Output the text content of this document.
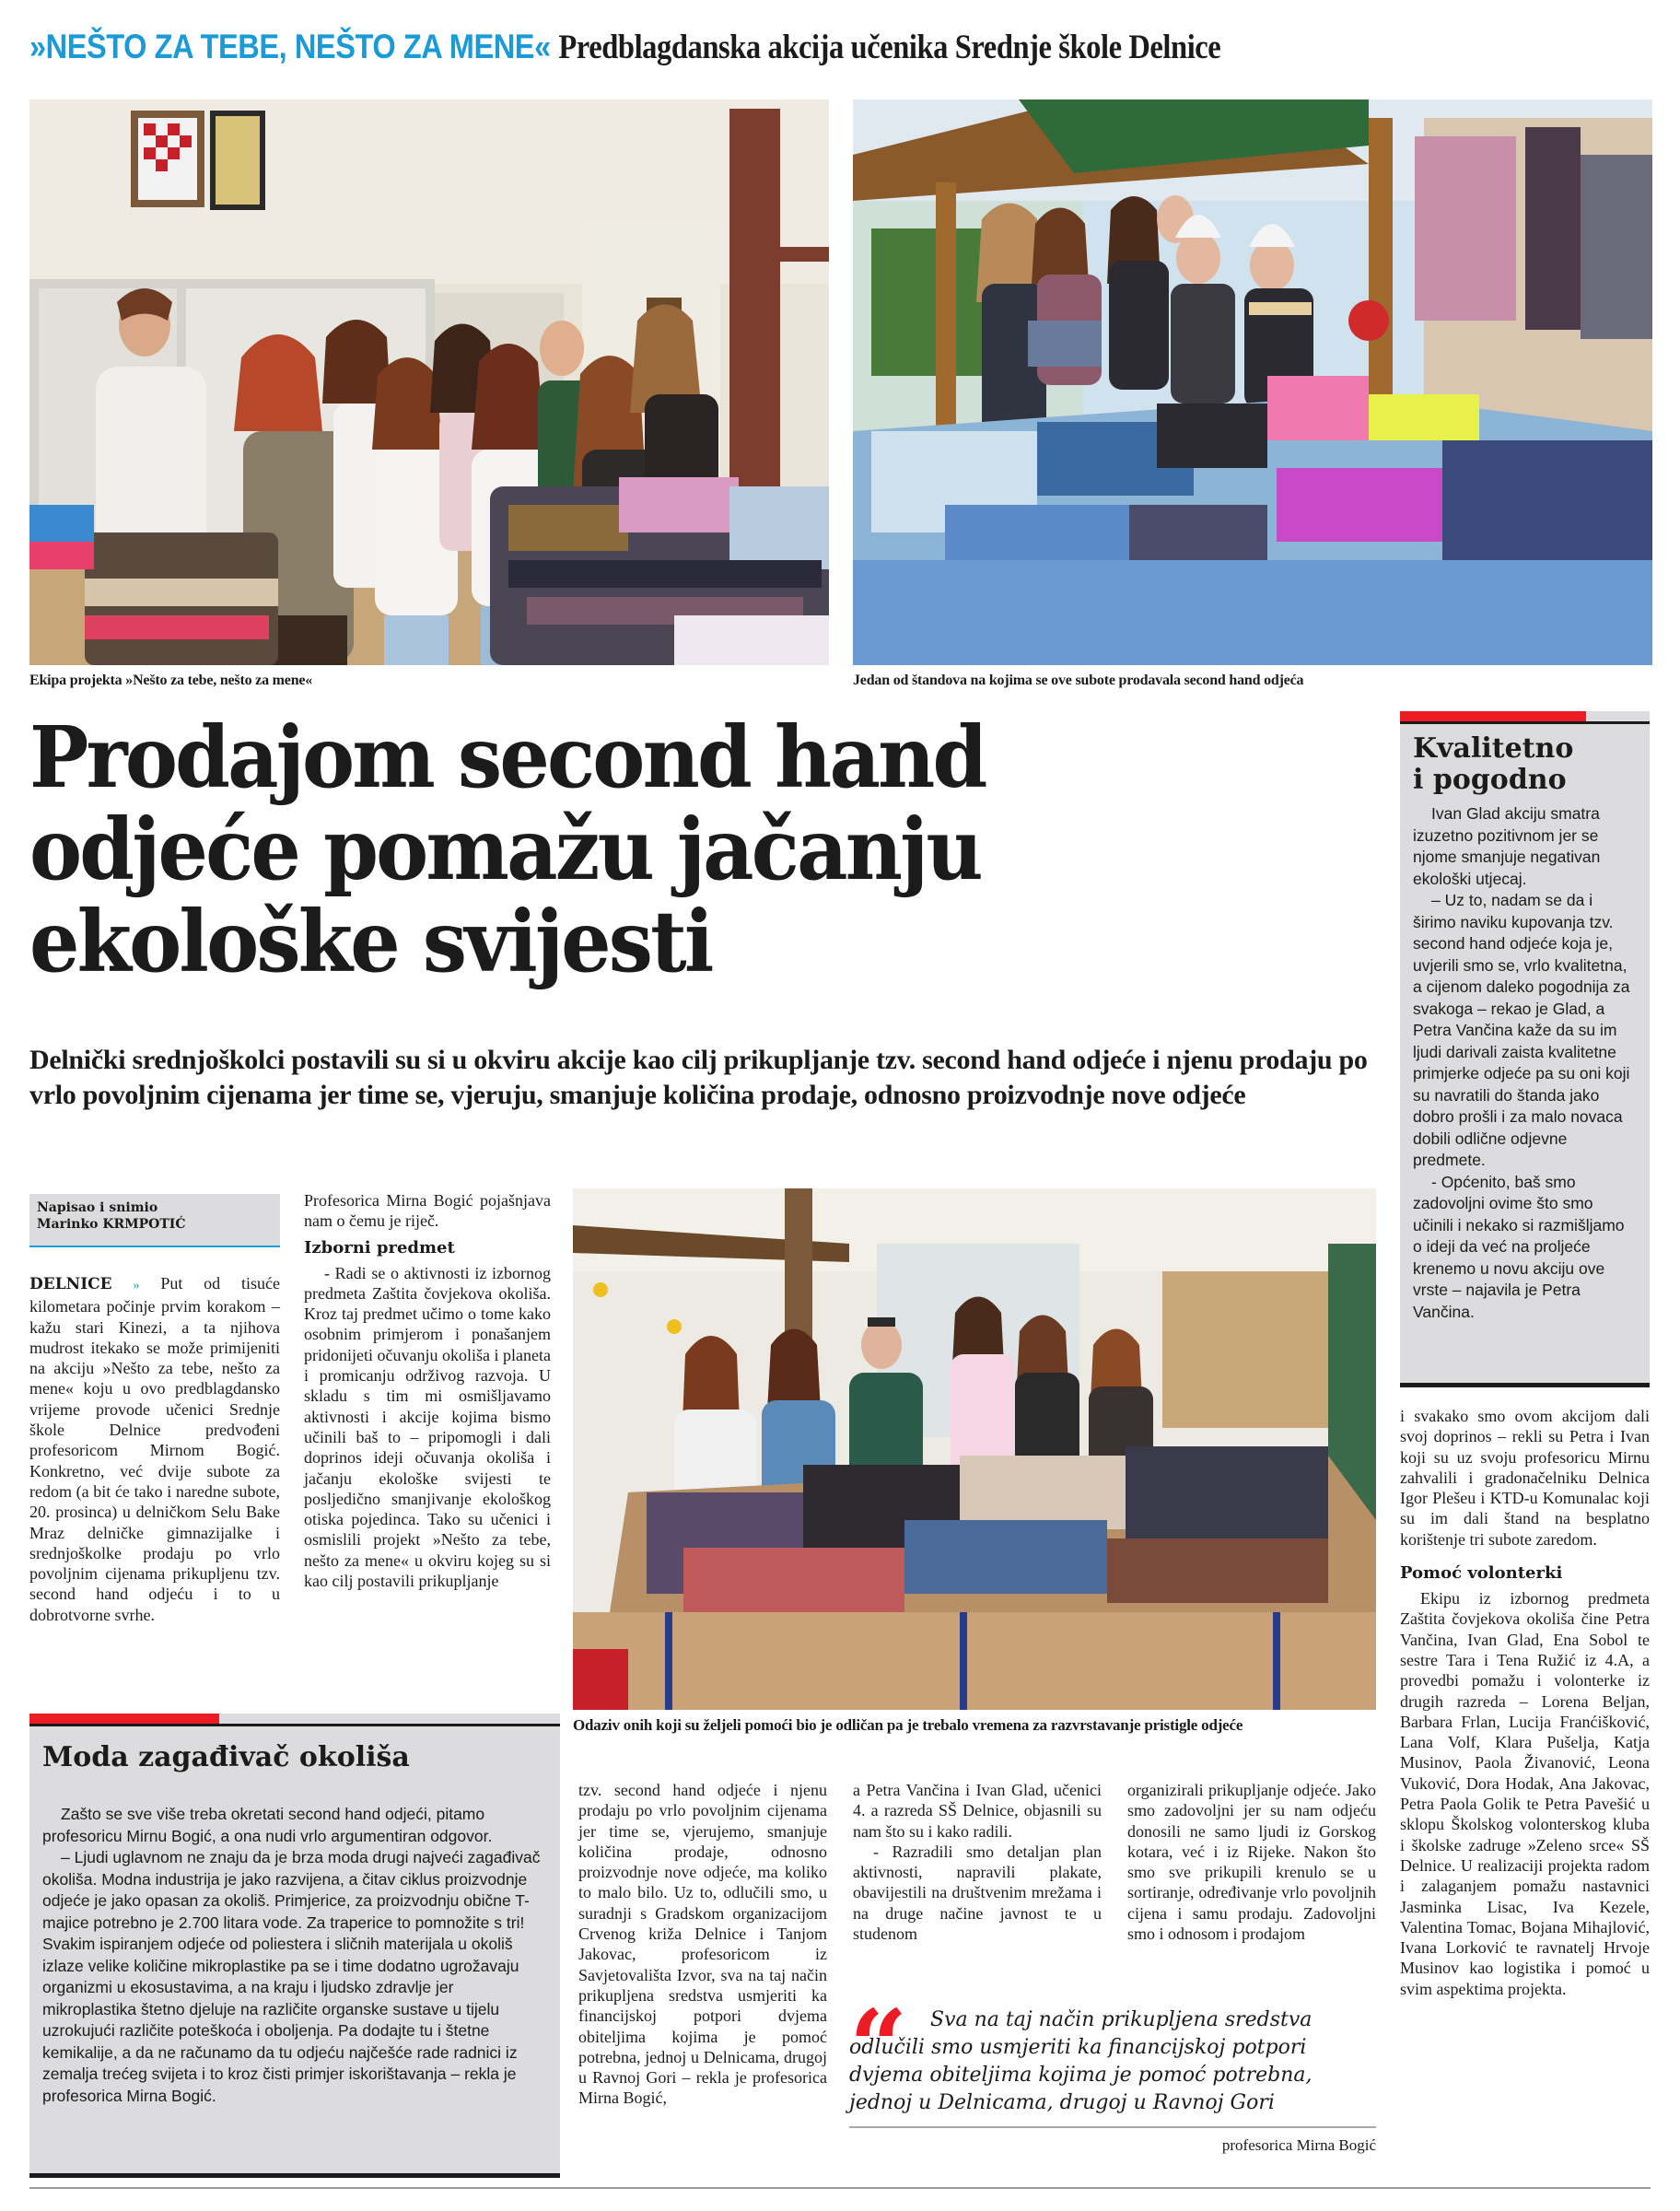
»NEŠTO ZA TEBE, NEŠTO ZA MENE« Predblagdanska akcija učenika Srednje škole Delnice
Ekipa projekta »Nešto za tebe, nešto za mene«	Jedan od štandova na kojima se ove subote prodavala second hand odjeća
Prodajom second hand
odjeće pomažu jačanju
ekološke svijesti

Delnički srednjoškolci postavili su si u okviru akcije kao cilj prikupljanje tzv. second hand odjeće i njenu prodaju po vrlo povoljnim cijenama jer time se, vjeruju, smanjuje količina prodaje, odnosno proizvodnje nove odjeće

Kvalitetno
i pogodno

Ivan Glad akciju smatra izuzetno pozitivnom jer se njome smanjuje negativan ekološki utjecaj.

– Uz to, nadam se da i širimo naviku kupovanja tzv. second hand odjeće koja je, uvjerili smo se, vrlo kvalitetna, a cijenom daleko pogodnija za svakoga – rekao je Glad, a Petra Vančina kaže da su im ljudi darivali zaista kvalitetne primjerke odjeće pa su oni koji su navratili do štanda jako dobro prošli i za malo novaca dobili odlične odjevne predmete.

- Općenito, baš smo zadovoljni ovime što smo učinili i nekako si razmišljamo o ideji da već na proljeće krenemo u novu akciju ove vrste – najavila je Petra Vančina.

Napisao i snimio
Marinko KRMPOTIĆ

DELNICE » Put od tisuće kilometara počinje prvim korakom – kažu stari Kinezi, a ta njihova mudrost itekako se može primijeniti na akciju »Nešto za tebe, nešto za mene« koju u ovo predblagdansko vrijeme provode učenici Srednje škole Delnice predvođeni profesoricom Mirnom Bogić. Konkretno, već dvije subote za redom (a bit će tako i naredne subote, 20. prosinca) u delničkom Selu Bake Mraz delničke gimnazijalke i srednjoškolke prodaju po vrlo povoljnim cijenama prikupljenu tzv. second hand odjeću i to u dobrotvorne svrhe.

Profesorica Mirna Bogić pojašnjava nam o čemu je riječ.

Izborni predmet

- Radi se o aktivnosti iz izbornog predmeta Zaštita čovjekova okoliša. Kroz taj predmet učimo o tome kako osobnim primjerom i ponašanjem pridonijeti očuvanju okoliša i planeta i promicanju održivog razvoja. U skladu s tim mi osmišljavamo aktivnosti i akcije kojima bismo učinili baš to – pripomogli i dali doprinos ideji očuvanja okoliša i jačanju ekološke svijesti te posljedično smanjivanje ekološkog otiska pojedinca. Tako su učenici i osmislili projekt »Nešto za tebe, nešto za mene« u okviru kojeg su si kao cilj postavili prikupljanje

Odaziv onih koji su željeli pomoći bio je odličan pa je trebalo vremena za razvrstavanje pristigle odjeće
Moda zagađivač okoliša

Zašto se sve više treba okretati second hand odjeći, pitamo profesoricu Mirnu Bogić, a ona nudi vrlo argumentiran odgovor.

– Ljudi uglavnom ne znaju da je brza moda drugi najveći zagađivač okoliša. Modna industrija je jako razvijena, a čitav ciklus proizvodnje odjeće je jako opasan za okoliš. Primjerice, za proizvodnju obične T-majice potrebno je 2.700 litara vode. Za traperice to pomnožite s tri! Svakim ispiranjem odjeće od poliestera i sličnih materijala u okoliš izlaze velike količine mikroplastike pa se i time dodatno ugrožavaju organizmi u ekosustavima, a na kraju i ljudsko zdravlje jer mikroplastika štetno djeluje na različite organske sustave u tijelu uzrokujući različite poteškoća i oboljenja. Pa dodajte tu i štetne kemikalije, a da ne računamo da tu odjeću najčešće rade radnici iz zemalja trećeg svijeta i to kroz čisti primjer iskorištavanja – rekla je profesorica Mirna Bogić.

tzv. second hand odjeće i njenu prodaju po vrlo povoljnim cijenama jer time se, vjerujemo, smanjuje količina prodaje, odnosno proizvodnje nove odjeće, ma koliko to malo bilo. Uz to, odlučili smo, u suradnji s Gradskom organizacijom Crvenog križa Delnice i Tanjom Jakovac, profesoricom iz Savjetovališta Izvor, sva na taj način prikupljena sredstva usmjeriti ka financijskoj potpori dvjema obiteljima kojima je pomoć potrebna, jednoj u Delnicama, drugoj u Ravnoj Gori – rekla je profesorica Mirna Bogić,

a Petra Vančina i Ivan Glad, učenici 4. a razreda SŠ Delnice, objasnili su nam što su i kako radili.

- Razradili smo detaljan plan aktivnosti, napravili plakate, obavijestili na društvenim mrežama i na druge načine javnost te u studenom

organizirali prikupljanje odjeće. Jako smo zadovoljni jer su nam odjeću donosili ne samo ljudi iz Gorskog kotara, već i iz Rijeke. Nakon što smo sve prikupili krenulo se u sortiranje, određivanje vrlo povoljnih cijena i samu prodaju. Zadovoljni smo i odnosom i prodajom

“	Sva na taj način prikupljena sredstva odlučili smo usmjeriti ka financijskoj potpori dvjema obiteljima kojima je pomoć potrebna, jednoj u Delnicama, drugoj u Ravnoj Gori
profesorica Mirna Bogić

i svakako smo ovom akcijom dali svoj doprinos – rekli su Petra i Ivan koji su uz svoju profesoricu Mirnu zahvalili i gradonačelniku Delnica Igor Plešeu i KTD-u Komunalac koji su im dali štand na besplatno korištenje tri subote zaredom.

Pomoć volonterki

Ekipu iz izbornog predmeta Zaštita čovjekova okoliša čine Petra Vančina, Ivan Glad, Ena Sobol te sestre Tara i Tena Ružić iz 4.A, a provedbi pomažu i volonterke iz drugih razreda – Lorena Beljan, Barbara Frlan, Lucija Franćišković, Lana Volf, Klara Pušelja, Katja Musinov, Paola Živanović, Leona Vuković, Dora Hodak, Ana Jakovac, Petra Paola Golik te Petra Pavešić u sklopu Školskog volonterskog kluba i školske zadruge »Zeleno srce« SŠ Delnice. U realizaciji projekta radom i zalaganjem pomažu nastavnici Jasminka Lisac, Iva Kezele, Valentina Tomac, Bojana Mihajlović, Ivana Lorković te ravnatelj Hrvoje Musinov kao logistika i pomoć u svim aspektima projekta.
